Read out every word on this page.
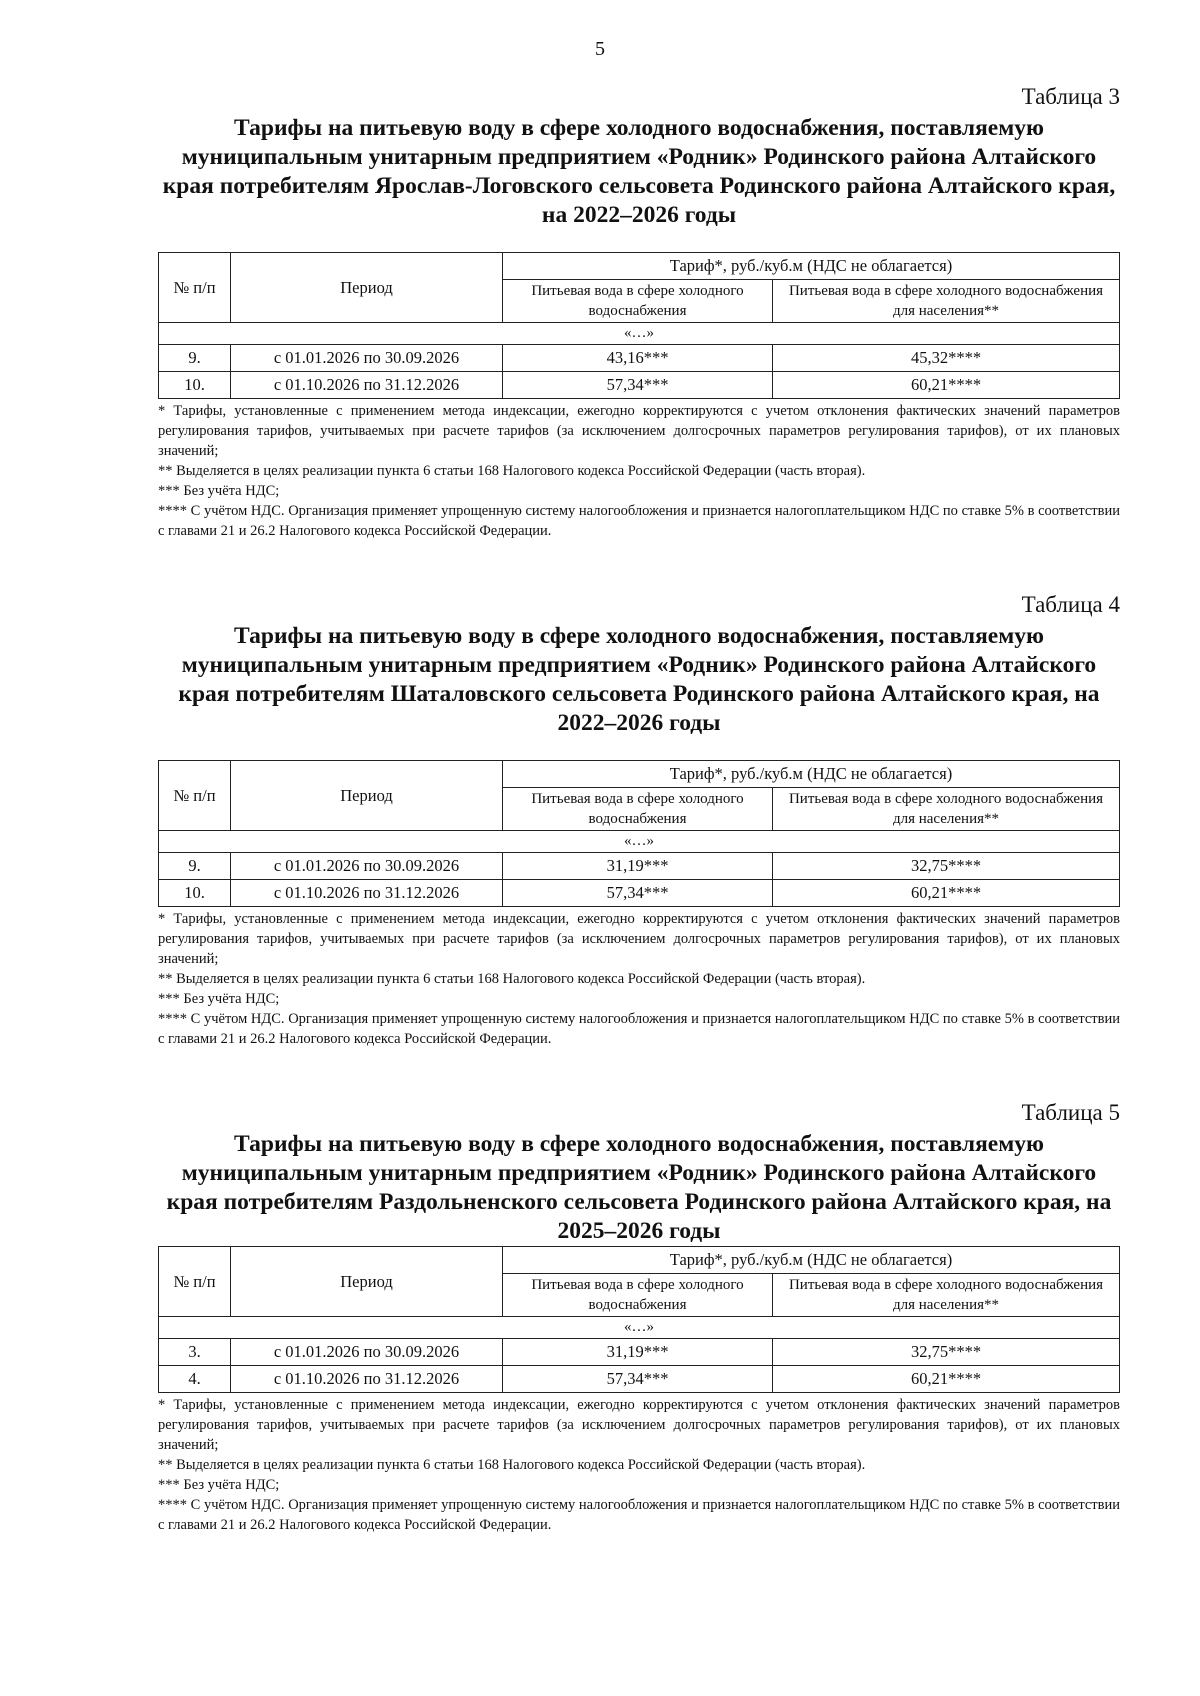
5
Таблица 3
Тарифы на питьевую воду в сфере холодного водоснабжения, поставляемую муниципальным унитарным предприятием «Родник» Родинского района Алтайского края потребителям Ярослав-Логовского сельсовета Родинского района Алтайского края, на 2022–2026 годы
№ п/п	Период	Тариф*, руб./куб.м (НДС не облагается)	
		Питьевая вода в сфере холодного водоснабжения	Питьевая вода в сфере холодного водоснабжения для населения**
«…»			
9.	с 01.01.2026 по 30.09.2026	43,16***	45,32****
10.	с 01.10.2026 по 31.12.2026	57,34***	60,21****

* Тарифы, установленные с применением метода индексации, ежегодно корректируются с учетом отклонения фактических значений параметров регулирования тарифов, учитываемых при расчете тарифов (за исключением долгосрочных параметров регулирования тарифов), от их плановых значений;

** Выделяется в целях реализации пункта 6 статьи 168 Налогового кодекса Российской Федерации (часть вторая).

*** Без учёта НДС;

**** С учётом НДС. Организация применяет упрощенную систему налогообложения и признается налогоплательщиком НДС по ставке 5% в соответствии с главами 21 и 26.2 Налогового кодекса Российской Федерации.

Таблица 4
Тарифы на питьевую воду в сфере холодного водоснабжения, поставляемую муниципальным унитарным предприятием «Родник» Родинского района Алтайского края потребителям Шаталовского сельсовета Родинского района Алтайского края, на 2022–2026 годы
№ п/п	Период	Тариф*, руб./куб.м (НДС не облагается)	
		Питьевая вода в сфере холодного водоснабжения	Питьевая вода в сфере холодного водоснабжения для населения**
«…»			
9.	с 01.01.2026 по 30.09.2026	31,19***	32,75****
10.	с 01.10.2026 по 31.12.2026	57,34***	60,21****

* Тарифы, установленные с применением метода индексации, ежегодно корректируются с учетом отклонения фактических значений параметров регулирования тарифов, учитываемых при расчете тарифов (за исключением долгосрочных параметров регулирования тарифов), от их плановых значений;

** Выделяется в целях реализации пункта 6 статьи 168 Налогового кодекса Российской Федерации (часть вторая).

*** Без учёта НДС;

**** С учётом НДС. Организация применяет упрощенную систему налогообложения и признается налогоплательщиком НДС по ставке 5% в соответствии с главами 21 и 26.2 Налогового кодекса Российской Федерации.

Таблица 5
Тарифы на питьевую воду в сфере холодного водоснабжения, поставляемую муниципальным унитарным предприятием «Родник» Родинского района Алтайского края потребителям Раздольненского сельсовета Родинского района Алтайского края, на 2025–2026 годы
№ п/п	Период	Тариф*, руб./куб.м (НДС не облагается)	
		Питьевая вода в сфере холодного водоснабжения	Питьевая вода в сфере холодного водоснабжения для населения**
«…»			
3.	с 01.01.2026 по 30.09.2026	31,19***	32,75****
4.	с 01.10.2026 по 31.12.2026	57,34***	60,21****

* Тарифы, установленные с применением метода индексации, ежегодно корректируются с учетом отклонения фактических значений параметров регулирования тарифов, учитываемых при расчете тарифов (за исключением долгосрочных параметров регулирования тарифов), от их плановых значений;

** Выделяется в целях реализации пункта 6 статьи 168 Налогового кодекса Российской Федерации (часть вторая).

*** Без учёта НДС;

**** С учётом НДС. Организация применяет упрощенную систему налогообложения и признается налогоплательщиком НДС по ставке 5% в соответствии с главами 21 и 26.2 Налогового кодекса Российской Федерации.
